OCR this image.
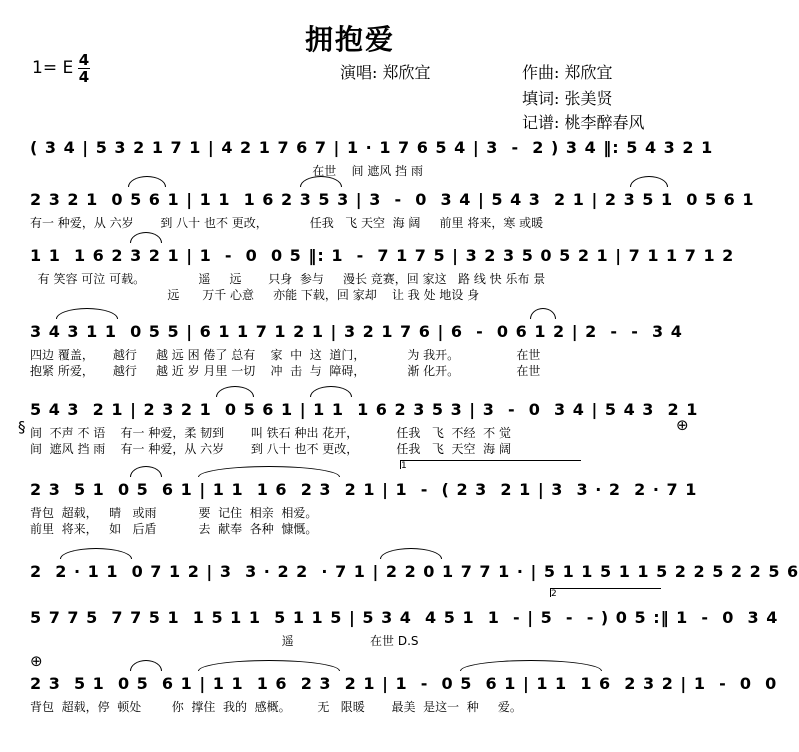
拥抱爱
1= E 4
4	演唱: 郑欣宜	作曲: 郑欣宜
填词: 张美贤
记谱: 桃李醉春风
( 3 4 | 5 3 2 1 7 1 | 4 2 1 7 6 7 | 1 · 1 7 6 5 4 | 3  -  2 ) 3 4 ‖: 5 4 3 2 1
在世    间 遮风 挡 雨
2 3 2 1  0 5 6 1 | 1 1  1 6 2 3 5 3 | 3  -  0  3 4 | 5 4 3  2 1 | 2 3 5 1  0 5 6 1
有一 种爱，从 六岁       到 八十 也不 更改，           任我   飞 天空  海 阔     前里 将来，寒 或暖
1 1  1 6 2 3 2 1 | 1  -  0  0 5 ‖: 1  -  7 1 7 5 | 3 2 3 5 0 5 2 1 | 7 1 1 7 1 2
有 笑容 可泣 可载。              遥     远       只身  参与     漫长 竞赛，回 家这   路 线 快 乐布 景
远      万千 心意     亦能 下载，回 家却    让 我 处 地设 身
3 4 3 1 1  0 5 5 | 6 1 1 7 1 2 1 | 3 2 1 7 6 | 6  -  0 6 1 2 | 2  -  -  3 4
四边 覆盖，     越行     越 远 困 倦了 总有    家  中  这  道门，           为 我开。               在世
抱紧 所爱，     越行     越 近 岁 月里 一切    冲  击  与  障碍，           渐 化开。               在世
5 4 3  2 1 | 2 3 2 1  0 5 6 1 | 1 1  1 6 2 3 5 3 | 3  -  0  3 4 | 5 4 3  2 1
间  不声 不 语    有一 种爱，柔 韧到       叫 铁石 种出 花开，          任我   飞  不经  不 觉
间  遮风 挡 雨    有一 种爱，从 六岁       到 八十 也不 更改，          任我   飞  天空  海 阔
§	⊕
1
2 3  5 1  0 5  6 1 | 1 1  1 6  2 3  2 1 | 1  -  ( 2 3  2 1 | 3  3 · 2  2 · 7 1
背包  超载，   晴   或雨           要  记住  相亲  相爱。
前里  将来，   如   后盾           去  献奉  各种  慷慨。
2  2 · 1 1  0 7 1 2 | 3  3 · 2 2  · 7 1 | 2 2 0 1 7 7 1 · | 5 1 1 5 1 1 5 2 2 5 2 2 5 6
2
5 7 7 5  7 7 5 1  1 5 1 1  5 1 1 5 | 5 3 4  4 5 1  1  - | 5  -  - ) 0 5 :‖ 1  -  0  3 4
遥                    在世 D.S
⊕
2 3  5 1  0 5  6 1 | 1 1  1 6  2 3  2 1 | 1  -  0 5  6 1 | 1 1  1 6  2 3 2 | 1  -  0  0
背包  超载，停  顿处        你  撑住  我的  感概。       无   限暖       最美  是这一  种     爱。
